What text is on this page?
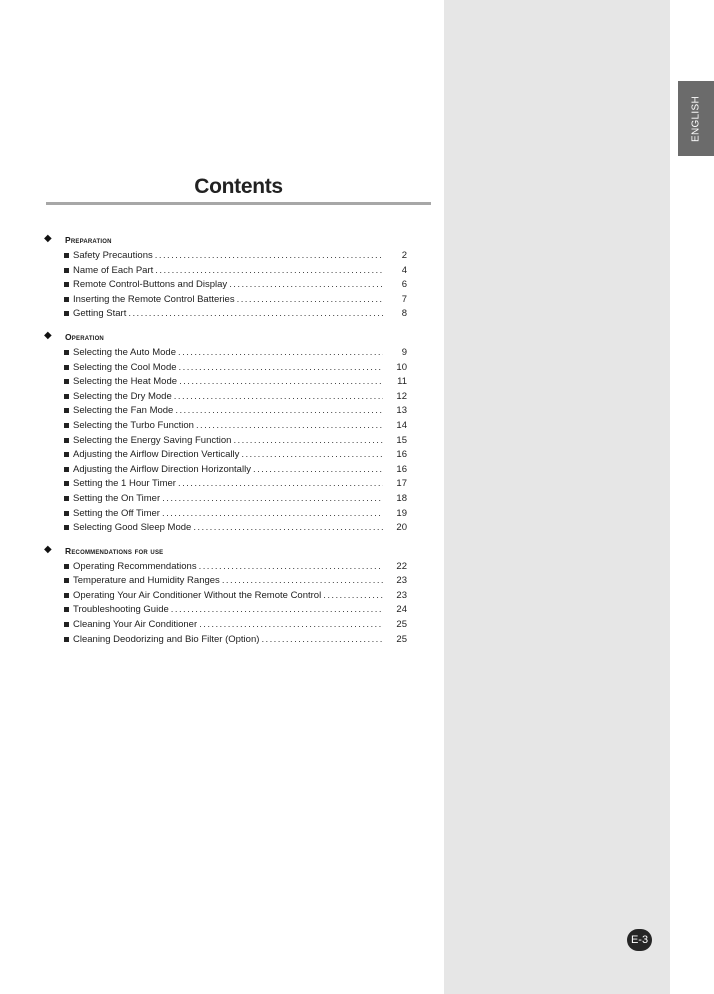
ENGLISH
Contents
◆ Preparation
Safety Precautions . . .	2
Name of Each Part . . .	4
Remote Control-Buttons and Display . . .	6
Inserting the Remote Control Batteries . . .	7
Getting Start . . .	8
◆ Operation
Selecting the Auto Mode . . .	9
Selecting the Cool Mode . . .	10
Selecting the Heat Mode . . .	11
Selecting the Dry Mode . . .	12
Selecting the Fan Mode . . .	13
Selecting the Turbo Function . . .	14
Selecting the Energy Saving Function . . .	15
Adjusting the Airflow Direction Vertically . . .	16
Adjusting the Airflow Direction Horizontally . . .	16
Setting the 1 Hour Timer . . .	17
Setting the On Timer . . .	18
Setting the Off Timer . . .	19
Selecting Good Sleep Mode . . .	20
◆ Recommendations for use
Operating Recommendations . . .	22
Temperature and Humidity Ranges . . .	23
Operating Your Air Conditioner Without the Remote Control . . .	23
Troubleshooting Guide . . .	24
Cleaning Your Air Conditioner . . .	25
Cleaning Deodorizing and Bio Filter (Option) . . .	25
E-3
